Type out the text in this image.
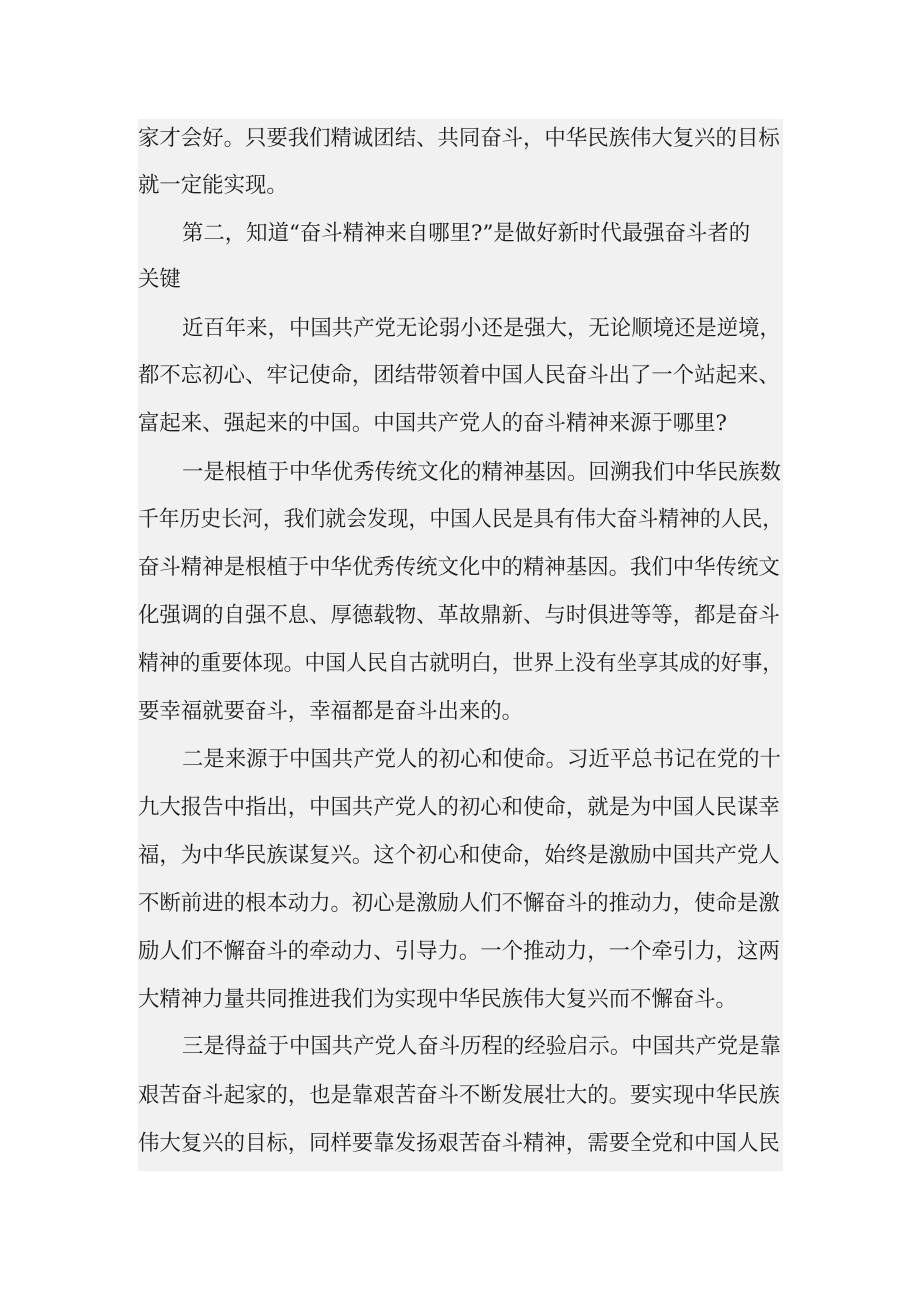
家才会好。只要我们精诚团结、共同奋斗，中华民族伟大复兴的目标
就一定能实现。
第二，知道“奋斗精神来自哪里?”是做好新时代最强奋斗者的
关键
近百年来，中国共产党无论弱小还是强大，无论顺境还是逆境，
都不忘初心、牢记使命，团结带领着中国人民奋斗出了一个站起来、
富起来、强起来的中国。中国共产党人的奋斗精神来源于哪里?
一是根植于中华优秀传统文化的精神基因。回溯我们中华民族数
千年历史长河，我们就会发现，中国人民是具有伟大奋斗精神的人民，
奋斗精神是根植于中华优秀传统文化中的精神基因。我们中华传统文
化强调的自强不息、厚德载物、革故鼎新、与时俱进等等，都是奋斗
精神的重要体现。中国人民自古就明白，世界上没有坐享其成的好事，
要幸福就要奋斗，幸福都是奋斗出来的。
二是来源于中国共产党人的初心和使命。习近平总书记在党的十
九大报告中指出，中国共产党人的初心和使命，就是为中国人民谋幸
福，为中华民族谋复兴。这个初心和使命，始终是激励中国共产党人
不断前进的根本动力。初心是激励人们不懈奋斗的推动力，使命是激
励人们不懈奋斗的牵动力、引导力。一个推动力，一个牵引力，这两
大精神力量共同推进我们为实现中华民族伟大复兴而不懈奋斗。
三是得益于中国共产党人奋斗历程的经验启示。中国共产党是靠
艰苦奋斗起家的，也是靠艰苦奋斗不断发展壮大的。要实现中华民族
伟大复兴的目标，同样要靠发扬艰苦奋斗精神，需要全党和中国人民
